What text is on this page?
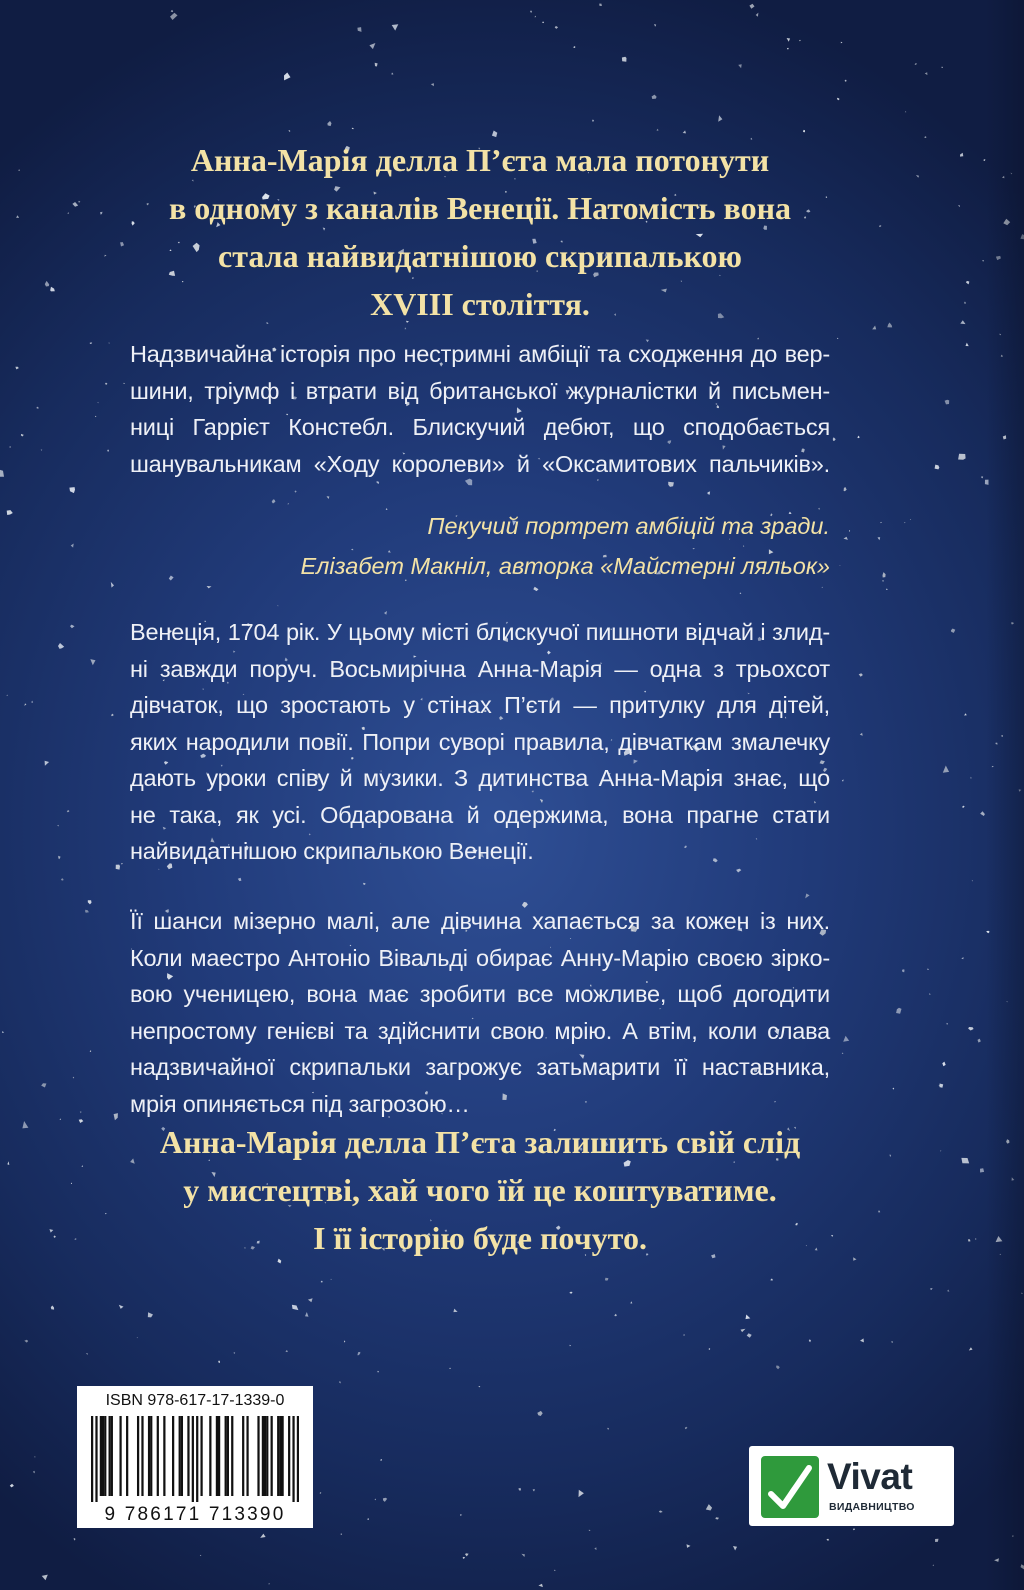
Анна-Марія делла П’єта мала потонути
в одному з каналів Венеції. Натомість вона
стала найвидатнішою скрипалькою
XVIII століття.
Надзвичайна історія про нестримні амбіції та сходження до вер-
шини, тріумф і втрати від британської журналістки й письмен-
ниці Гаррієт Констебл. Блискучий дебют, що сподобається
шанувальникам «Ходу королеви» й «Оксамитових пальчиків».
Пекучий портрет амбіцій та зради.
Елізабет Макніл, авторка «Майстерні ляльок»
Венеція, 1704 рік. У цьому місті блискучої пишноти відчай і злид-
ні завжди поруч. Восьмирічна Анна-Марія — одна з трьохсот
дівчаток, що зростають у стінах П’єти — притулку для дітей,
яких народили повії. Попри суворі правила, дівчаткам змалечку
дають уроки співу й музики. З дитинства Анна-Марія знає, що
не така, як усі. Обдарована й одержима, вона прагне стати
найвидатнішою скрипалькою Венеції.
Її шанси мізерно малі, але дівчина хапається за кожен із них.
Коли маестро Антоніо Вівальді обирає Анну-Марію своєю зірко-
вою ученицею, вона має зробити все можливе, щоб догодити
непростому генієві та здійснити свою мрію. А втім, коли слава
надзвичайної скрипальки загрожує затьмарити її наставника,
мрія опиняється під загрозою…
Анна-Марія делла П’єта залишить свій слід
у мистецтві, хай чого їй це коштуватиме.
І її історію буде почуто.
ISBN 978-617-17-1339-0
9 786171 713390
Vivat
ВИДАВНИЦТВО
